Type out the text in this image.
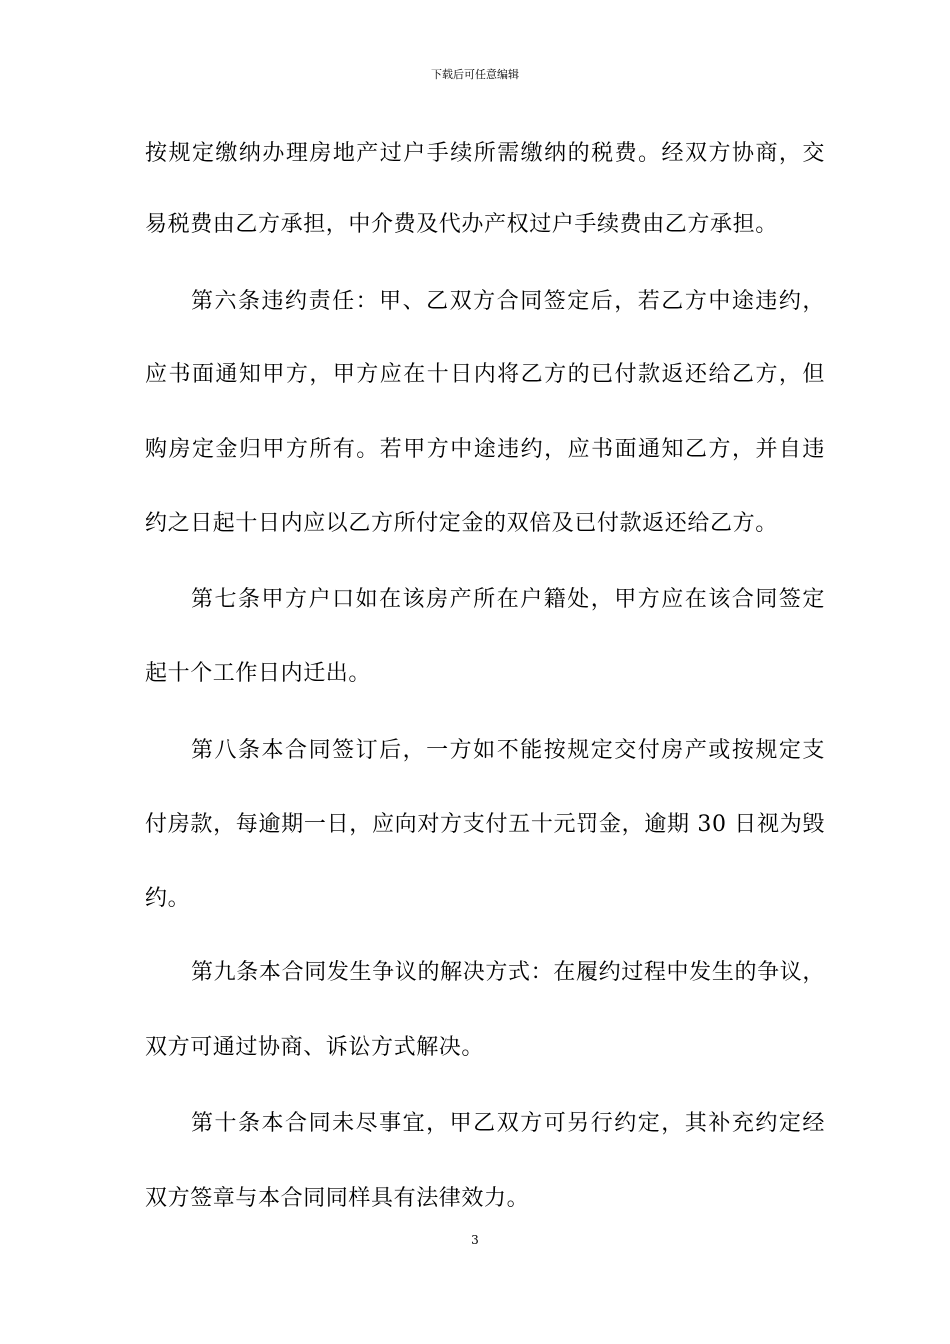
下载后可任意编辑
按规定缴纳办理房地产过户手续所需缴纳的税费。经双方协商，交
易税费由乙方承担，中介费及代办产权过户手续费由乙方承担。
第六条违约责任：甲、乙双方合同签定后，若乙方中途违约，
应书面通知甲方，甲方应在十日内将乙方的已付款返还给乙方，但
购房定金归甲方所有。若甲方中途违约，应书面通知乙方，并自违
约之日起十日内应以乙方所付定金的双倍及已付款返还给乙方。
第七条甲方户口如在该房产所在户籍处，甲方应在该合同签定
起十个工作日内迁出。
第八条本合同签订后，一方如不能按规定交付房产或按规定支
付房款，每逾期一日，应向对方支付五十元罚金，逾期 30 日视为毁
约。
第九条本合同发生争议的解决方式：在履约过程中发生的争议，
双方可通过协商、诉讼方式解决。
第十条本合同未尽事宜，甲乙双方可另行约定，其补充约定经
双方签章与本合同同样具有法律效力。
3
